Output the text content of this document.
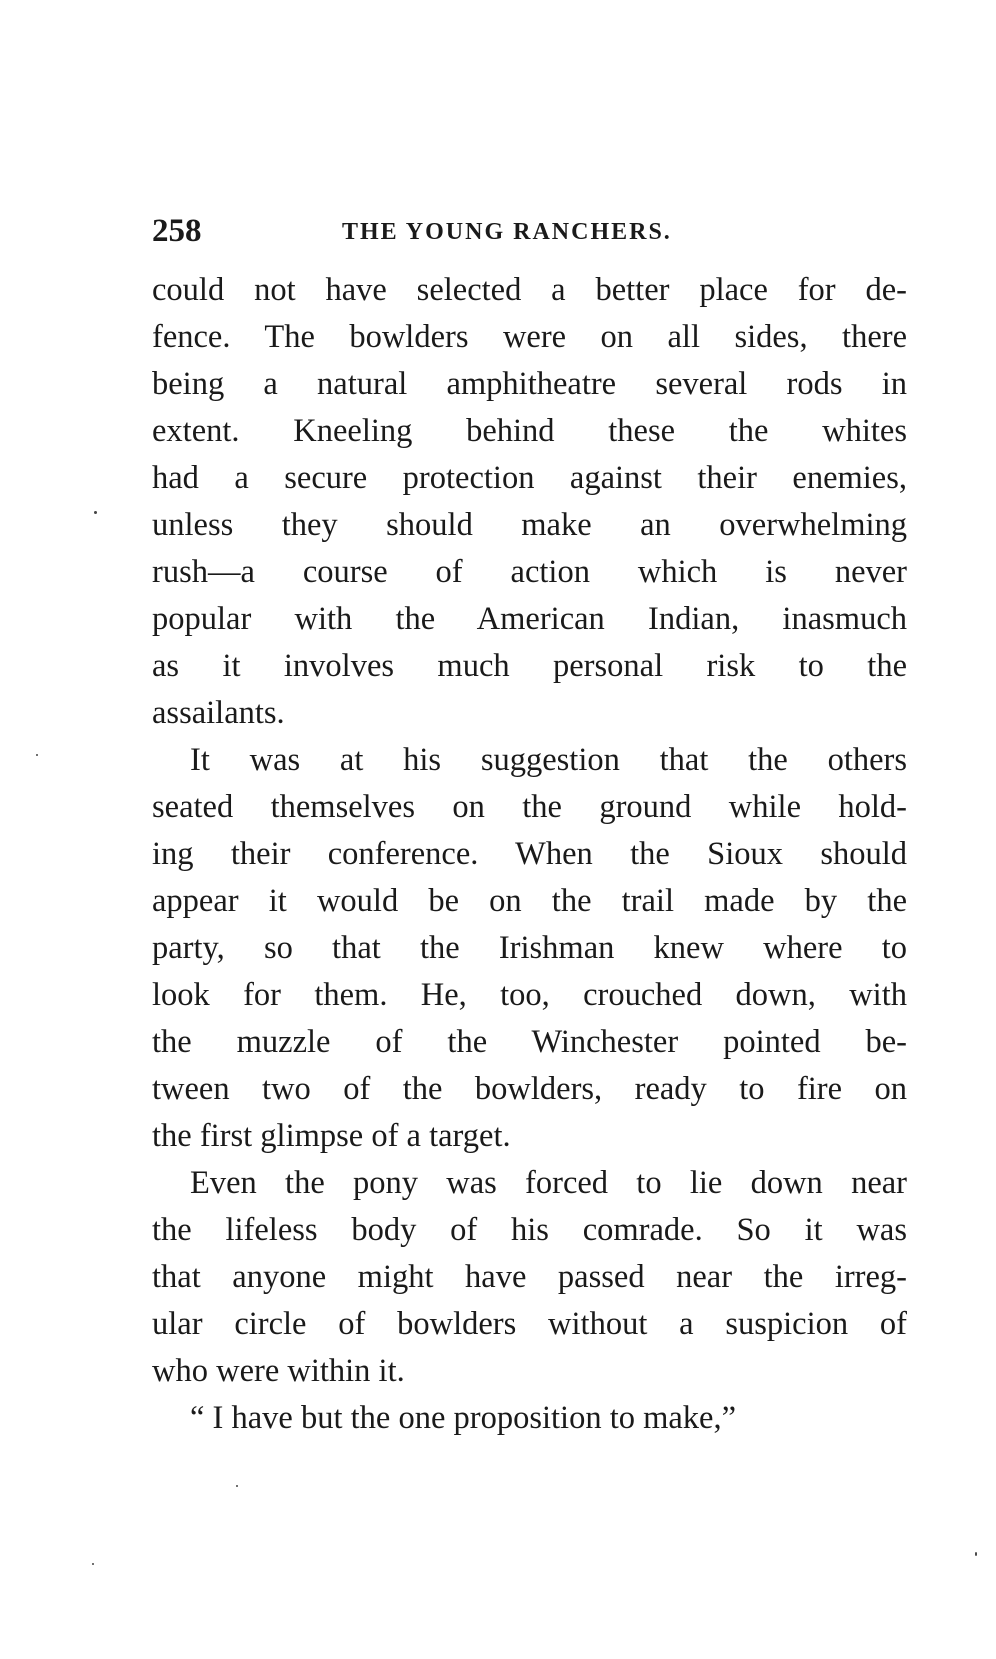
258	THE YOUNG RANCHERS.
could not have selected a better place for de-
fence. The bowlders were on all sides, there
being a natural amphitheatre several rods in
extent. Kneeling behind these the whites
had a secure protection against their enemies,
unless they should make an overwhelming
rush—a course of action which is never
popular with the American Indian, inasmuch
as it involves much personal risk to the
assailants.
It was at his suggestion that the others
seated themselves on the ground while hold-
ing their conference. When the Sioux should
appear it would be on the trail made by the
party, so that the Irishman knew where to
look for them. He, too, crouched down, with
the muzzle of the Winchester pointed be-
tween two of the bowlders, ready to fire on
the first glimpse of a target.
Even the pony was forced to lie down near
the lifeless body of his comrade. So it was
that anyone might have passed near the irreg-
ular circle of bowlders without a suspicion of
who were within it.
“ I have but the one proposition to make,”
